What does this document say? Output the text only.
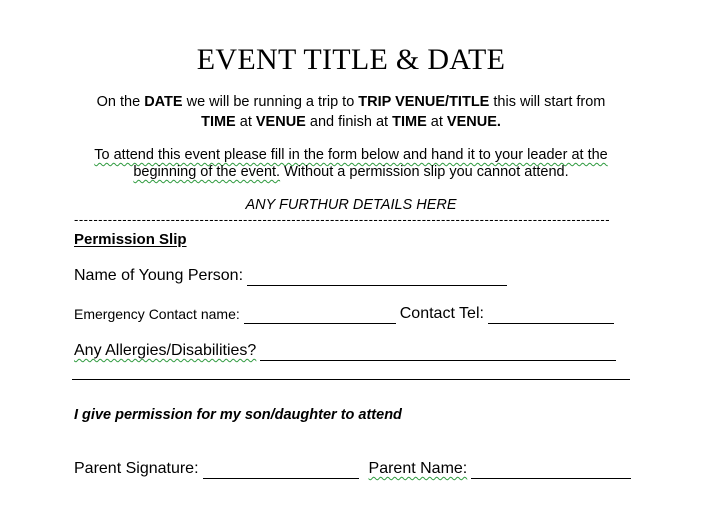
EVENT TITLE & DATE
On the DATE we will be running a trip to TRIP VENUE/TITLE this will start from
TIME at VENUE and finish at TIME at VENUE.
To attend this event please fill in the form below and hand it to your leader at the
beginning of the event. Without a permission slip you cannot attend.
ANY FURTHUR DETAILS HERE
---------------------------------------------------------------------------------------------------------------
Permission Slip
Name of Young Person:
Emergency Contact name:	Contact Tel:
Any Allergies/Disabilities?
I give permission for my son/daughter to attend
Parent Signature:	Parent Name:
